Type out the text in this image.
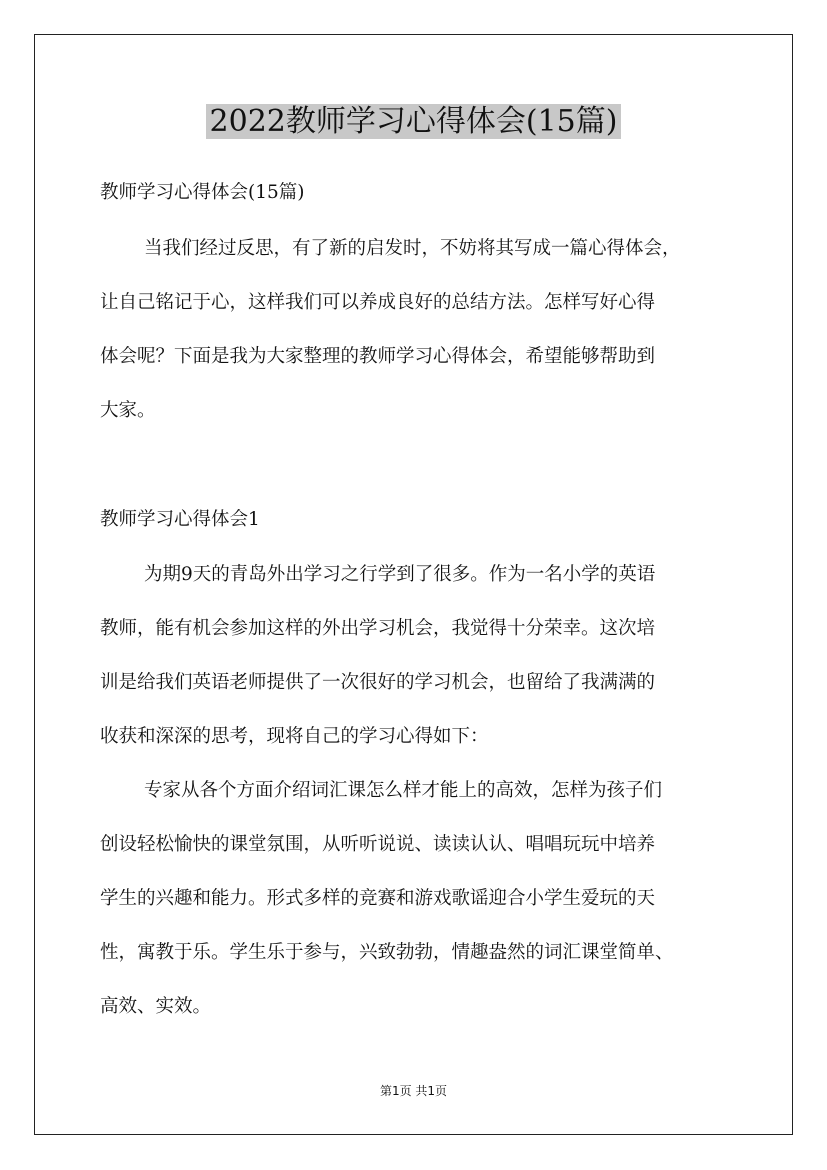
2022教师学习心得体会(15篇)
教师学习心得体会(15篇)
当我们经过反思，有了新的启发时，不妨将其写成一篇心得体会，
让自己铭记于心，这样我们可以养成良好的总结方法。怎样写好心得
体会呢？下面是我为大家整理的教师学习心得体会，希望能够帮助到
大家。
教师学习心得体会1
为期9天的青岛外出学习之行学到了很多。作为一名小学的英语
教师，能有机会参加这样的外出学习机会，我觉得十分荣幸。这次培
训是给我们英语老师提供了一次很好的学习机会，也留给了我满满的
收获和深深的思考，现将自己的学习心得如下：
专家从各个方面介绍词汇课怎么样才能上的高效，怎样为孩子们
创设轻松愉快的课堂氛围，从听听说说、读读认认、唱唱玩玩中培养
学生的兴趣和能力。形式多样的竞赛和游戏歌谣迎合小学生爱玩的天
性，寓教于乐。学生乐于参与，兴致勃勃，情趣盎然的词汇课堂简单、
高效、实效。
第1页 共1页
